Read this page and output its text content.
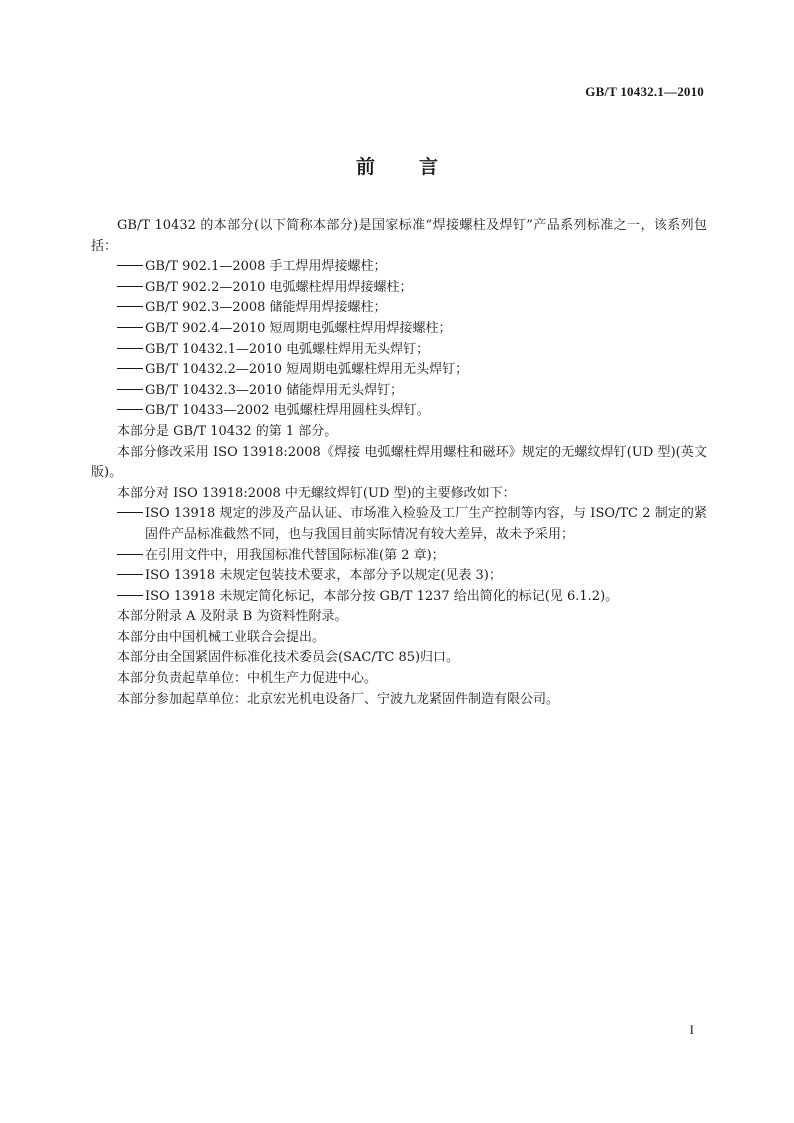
GB/T 10432.1—2010
前 言
GB/T 10432 的本部分(以下简称本部分)是国家标准“焊接螺柱及焊钉”产品系列标准之一，该系列包括：
GB/T 902.1—2008 手工焊用焊接螺柱；
GB/T 902.2—2010 电弧螺柱焊用焊接螺柱；
GB/T 902.3—2008 储能焊用焊接螺柱；
GB/T 902.4—2010 短周期电弧螺柱焊用焊接螺柱；
GB/T 10432.1—2010 电弧螺柱焊用无头焊钉；
GB/T 10432.2—2010 短周期电弧螺柱焊用无头焊钉；
GB/T 10432.3—2010 储能焊用无头焊钉；
GB/T 10433—2002 电弧螺柱焊用圆柱头焊钉。
本部分是 GB/T 10432 的第 1 部分。
本部分修改采用 ISO 13918:2008《焊接 电弧螺柱焊用螺柱和磁环》规定的无螺纹焊钉(UD 型)(英文版)。
本部分对 ISO 13918:2008 中无螺纹焊钉(UD 型)的主要修改如下：
ISO 13918 规定的涉及产品认证、市场准入检验及工厂生产控制等内容，与 ISO/TC 2 制定的紧固件产品标准截然不同，也与我国目前实际情况有较大差异，故未予采用；
在引用文件中，用我国标准代替国际标准(第 2 章)；
ISO 13918 未规定包装技术要求，本部分予以规定(见表 3)；
ISO 13918 未规定简化标记，本部分按 GB/T 1237 给出简化的标记(见 6.1.2)。
本部分附录 A 及附录 B 为资料性附录。
本部分由中国机械工业联合会提出。
本部分由全国紧固件标准化技术委员会(SAC/TC 85)归口。
本部分负责起草单位：中机生产力促进中心。
本部分参加起草单位：北京宏光机电设备厂、宁波九龙紧固件制造有限公司。
I
